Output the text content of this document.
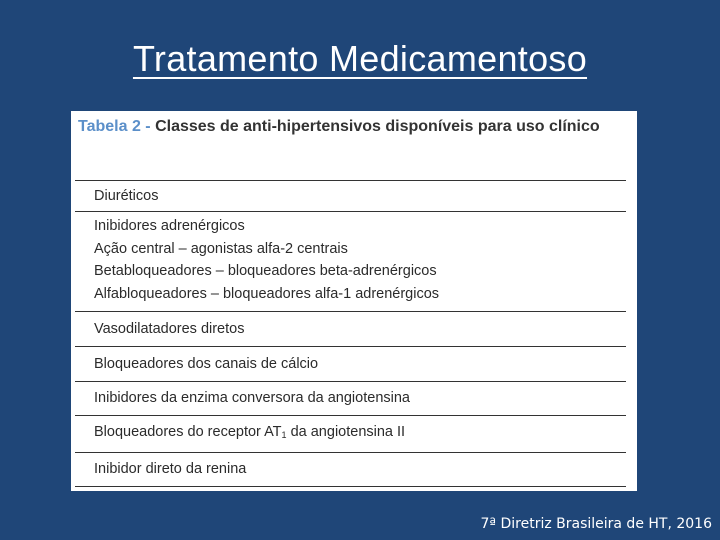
Tratamento Medicamentoso
Tabela 2 - Classes de anti-hipertensivos disponíveis para uso clínico
Diuréticos
Inibidores adrenérgicos
Ação central – agonistas alfa-2 centrais
Betabloqueadores – bloqueadores beta-adrenérgicos
Alfabloqueadores – bloqueadores alfa-1 adrenérgicos
Vasodilatadores diretos
Bloqueadores dos canais de cálcio
Inibidores da enzima conversora da angiotensina
Bloqueadores do receptor $AT_1$ da angiotensina II
Inibidor direto da renina
7ª Diretriz Brasileira de HT, 2016
